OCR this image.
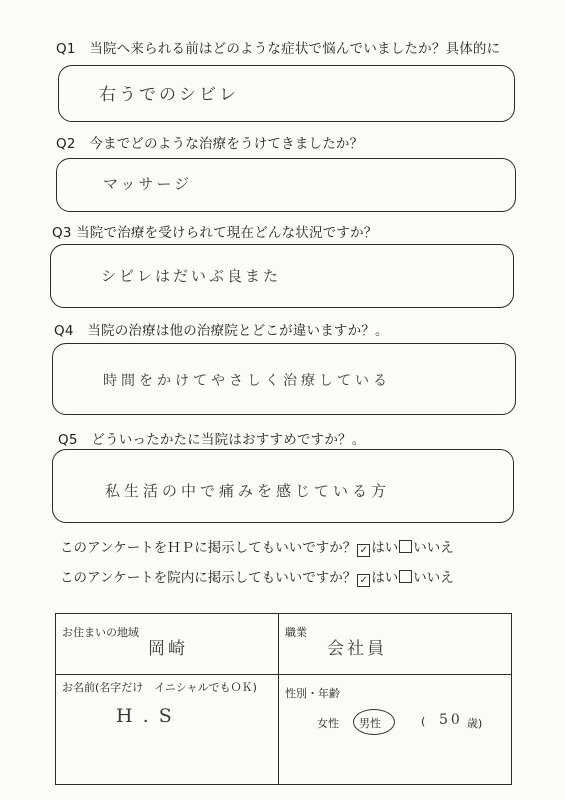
Q1　当院へ来られる前はどのような症状で悩んでいましたか？具体的に
右うでのシビレ
Q2　今までどのような治療をうけてきましたか？
マッサージ
Q3 当院で治療を受けられて現在どんな状況ですか？
シビレはだいぶ良また
Q4　当院の治療は他の治療院とどこが違いますか？。
時間をかけてやさしく治療している
Q5　どういったかたに当院はおすすめですか？。
私生活の中で痛みを感じている方
このアンケートをＨＰに掲示してもいいですか？ ✓ はい いいえ
このアンケートを院内に掲示してもいいですか？ ✓ はい いいえ
お住まいの地域
岡崎
職業
会社員
お名前(名字だけ　イニシャルでもＯＫ)
H . S
性別・年齢
女性 男性	( 50 歳)
